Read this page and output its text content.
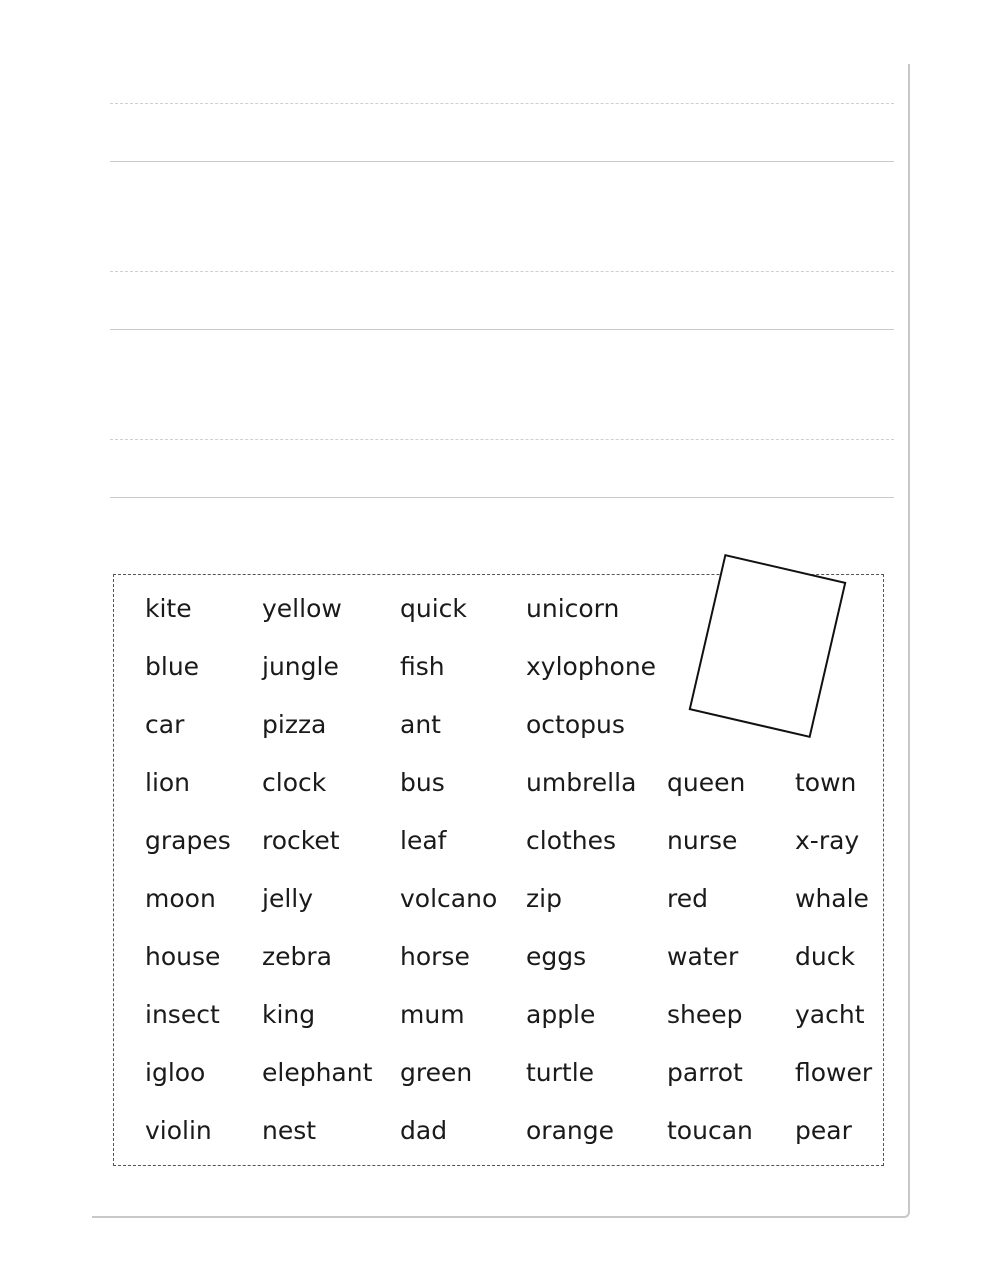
kite
blue
car
lion
grapes
moon
house
insect
igloo
violin
yellow
jungle
pizza
clock
rocket
jelly
zebra
king
elephant
nest
quick
fish
ant
bus
leaf
volcano
horse
mum
green
dad
unicorn
xylophone
octopus
umbrella
clothes
zip
eggs
apple
turtle
orange
queen
nurse
red
water
sheep
parrot
toucan
town
x-ray
whale
duck
yacht
flower
pear
